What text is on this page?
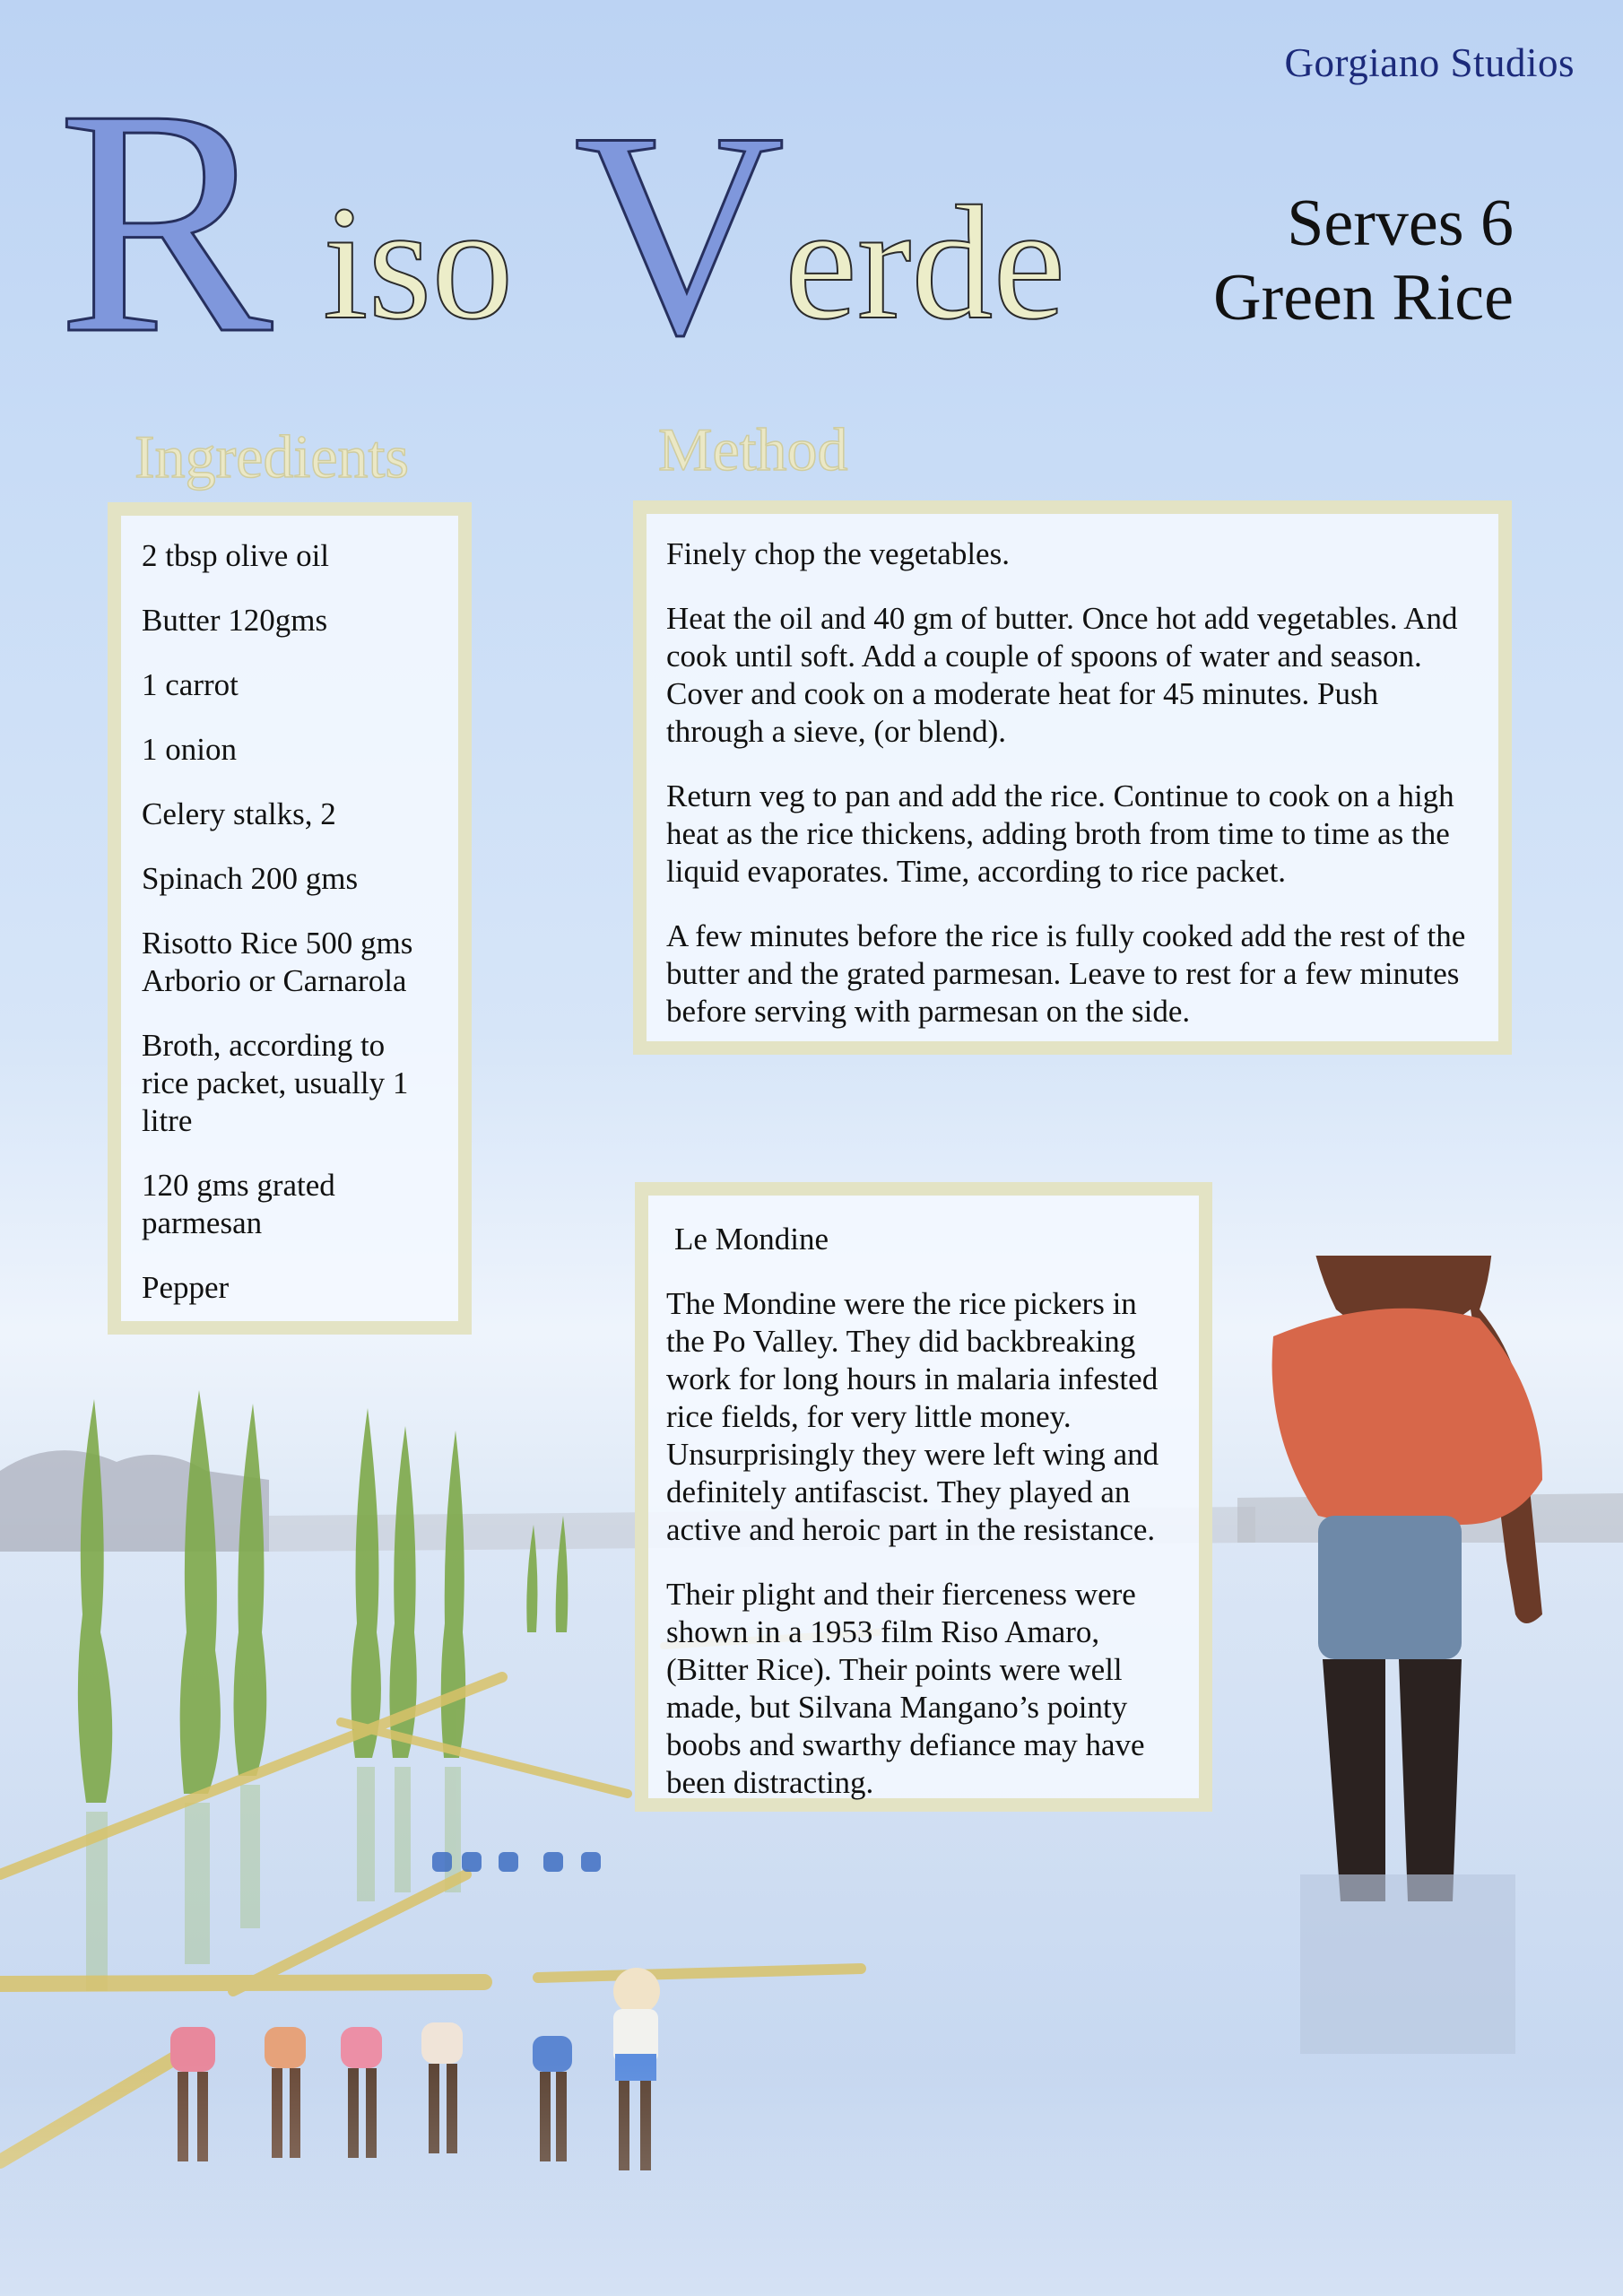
Gorgiano Studios
R iso V erde	Serves 6
Green Rice
Ingredients	Method

2 tbsp olive oil

Butter 120gms

1 carrot

1 onion

Celery stalks, 2

Spinach 200 gms

Risotto Rice 500 gms Arborio or Carnarola

Broth, according to rice packet, usually 1 litre

120 gms grated parmesan

Pepper

Finely chop the vegetables.

Heat the oil and 40 gm of butter. Once hot add vegetables. And cook until soft. Add a couple of spoons of water and season. Cover and cook on a moderate heat for 45 minutes. Push through a sieve, (or blend).

Return veg to pan and add the rice. Continue to cook on a high heat as the rice thickens, adding broth from time to time as the liquid evaporates. Time, according to rice packet.

A few minutes before the rice is fully cooked add the rest of the butter and the grated parmesan. Leave to rest for a few minutes before serving with parmesan on the side.

Le Mondine

The Mondine were the rice pickers in the Po Valley. They did backbreaking work for long hours in malaria infested rice fields, for very little money. Unsurprisingly they were left wing and definitely antifascist. They played an active and heroic part in the resistance.

Their plight and their fierceness were shown in a 1953 film Riso Amaro, (Bitter Rice). Their points were well made, but Silvana Mangano’s pointy boobs and swarthy defiance may have been distracting.
